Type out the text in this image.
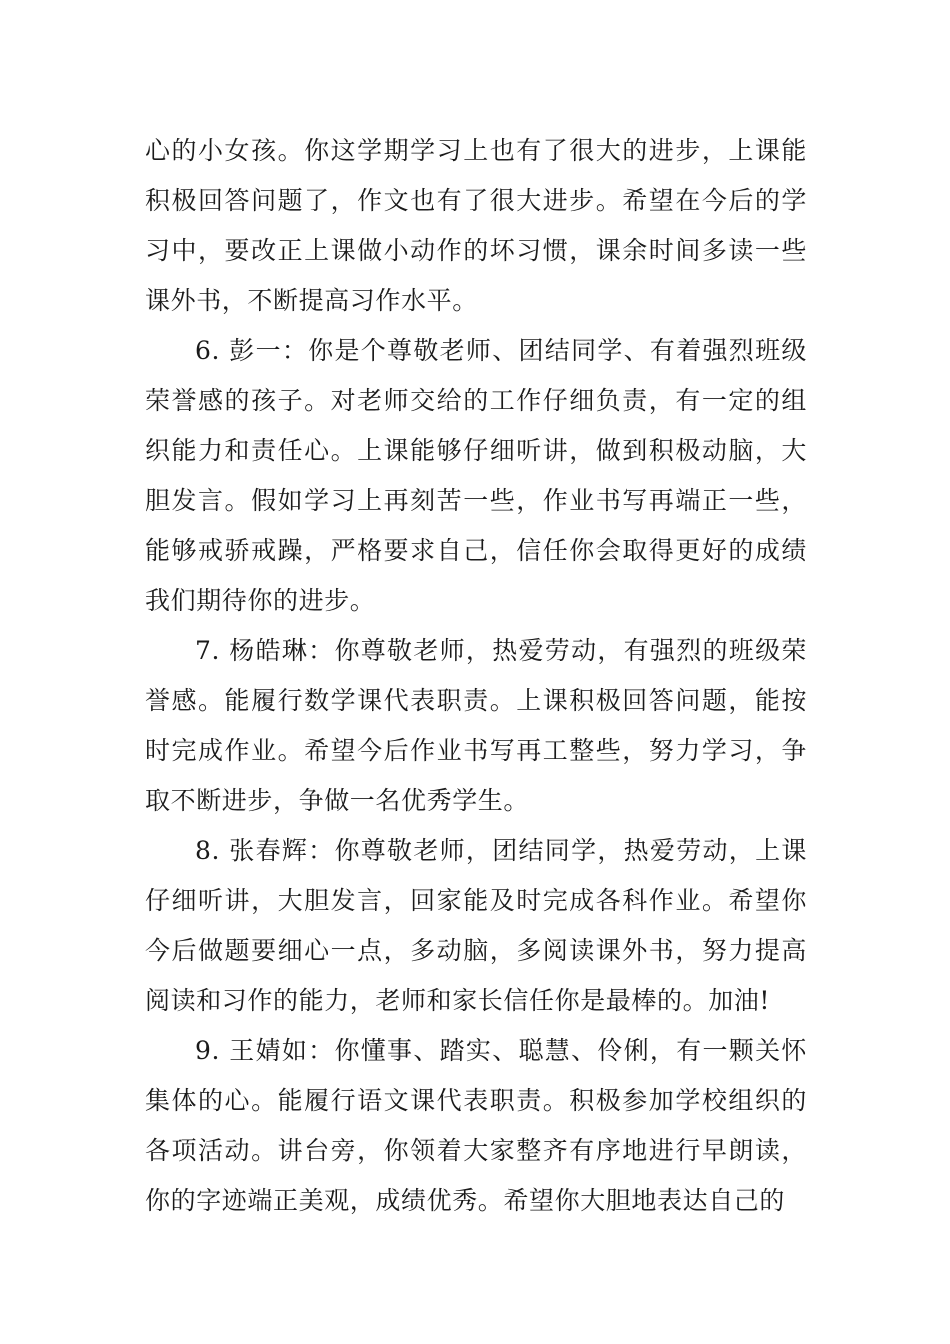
心的小女孩。你这学期学习上也有了很大的进步，上课能积极回答问题了，作文也有了很大进步。希望在今后的学习中，要改正上课做小动作的坏习惯，课余时间多读一些课外书，不断提高习作水平。

6. 彭一：你是个尊敬老师、团结同学、有着强烈班级荣誉感的孩子。对老师交给的工作仔细负责，有一定的组织能力和责任心。上课能够仔细听讲，做到积极动脑，大胆发言。假如学习上再刻苦一些，作业书写再端正一些，能够戒骄戒躁，严格要求自己，信任你会取得更好的成绩我们期待你的进步。

7. 杨皓琳：你尊敬老师，热爱劳动，有强烈的班级荣誉感。能履行数学课代表职责。上课积极回答问题，能按时完成作业。希望今后作业书写再工整些，努力学习，争取不断进步，争做一名优秀学生。

8. 张春辉：你尊敬老师，团结同学，热爱劳动，上课仔细听讲，大胆发言，回家能及时完成各科作业。希望你今后做题要细心一点，多动脑，多阅读课外书，努力提高阅读和习作的能力，老师和家长信任你是最棒的。加油!

9. 王婧如：你懂事、踏实、聪慧、伶俐，有一颗关怀集体的心。能履行语文课代表职责。积极参加学校组织的各项活动。讲台旁，你领着大家整齐有序地进行早朗读，你的字迹端正美观，成绩优秀。希望你大胆地表达自己的
